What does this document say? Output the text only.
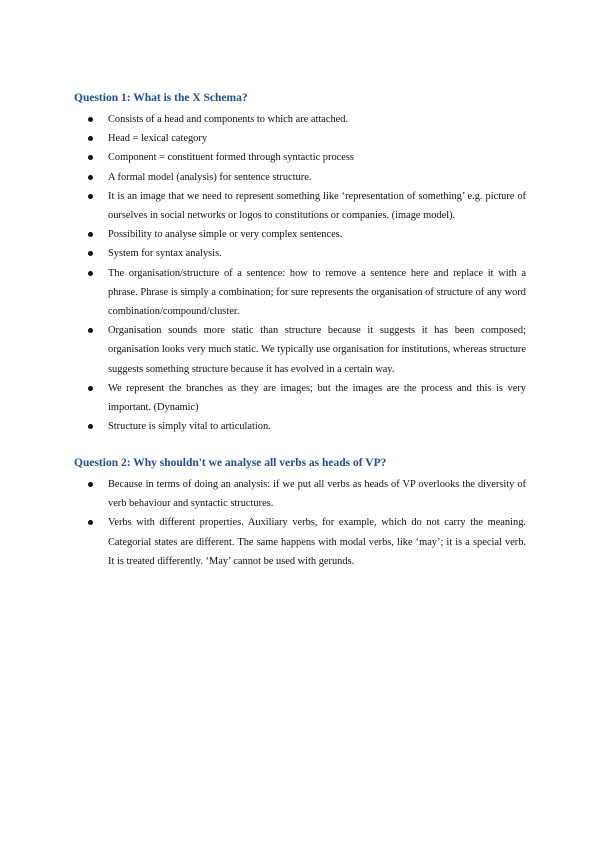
Question 1: What is the X Schema?
Consists of a head and components to which are attached.
Head = lexical category
Component = constituent formed through syntactic process
A formal model (analysis) for sentence structure.
It is an image that we need to represent something like ‘representation of something’ e.g. picture of ourselves in social networks or logos to constitutions or companies. (image model).
Possibility to analyse simple or very complex sentences.
System for syntax analysis.
The organisation/structure of a sentence: how to remove a sentence here and replace it with a phrase. Phrase is simply a combination; for sure represents the organisation of structure of any word combination/compound/cluster.
Organisation sounds more static than structure because it suggests it has been composed; organisation looks very much static. We typically use organisation for institutions, whereas structure suggests something structure because it has evolved in a certain way.
We represent the branches as they are images; but the images are the process and this is very important. (Dynamic)
Structure is simply vital to articulation.
Question 2: Why shouldn't we analyse all verbs as heads of VP?
Because in terms of doing an analysis: if we put all verbs as heads of VP overlooks the diversity of verb behaviour and syntactic structures.
Verbs with different properties. Auxiliary verbs, for example, which do not carry the meaning. Categorial states are different. The same happens with modal verbs, like ‘may’; it is a special verb. It is treated differently. ‘May’ cannot be used with gerunds.
